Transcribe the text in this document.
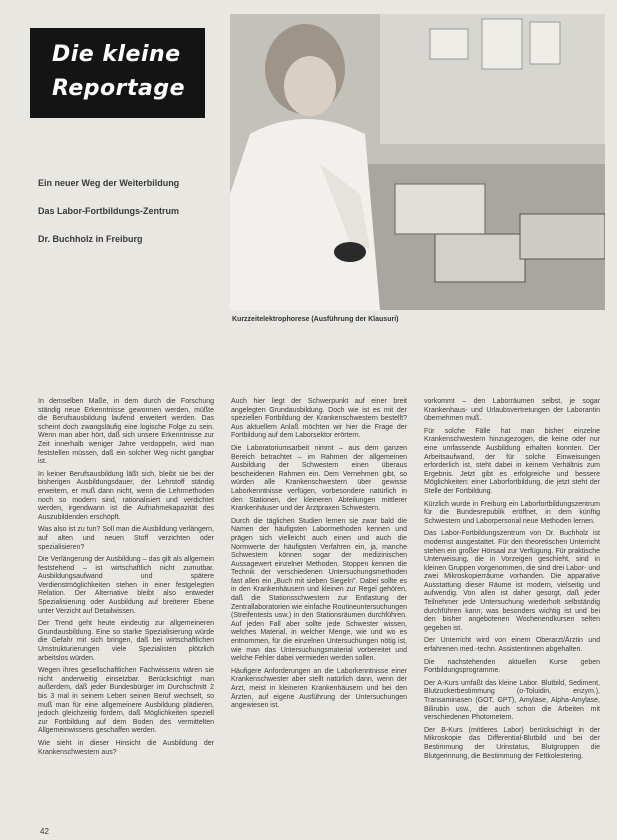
Die kleine
Reportage
Ein neuer Weg der Weiterbildung
Das Labor-Fortbildungs-Zentrum
Dr. Buchholz in Freiburg
Kurzzeitelektrophorese (Ausführung der Klausuri)

In demselben Maße, in dem durch die Forschung ständig neue Erkenntnisse gewonnen werden, müßte die Berufsausbildung laufend erweitert werden. Das scheint doch zwangsläufig eine logische Folge zu sein. Wenn man aber hört, daß sich unsere Erkenntnisse zur Zeit innerhalb weniger Jahre verdoppeln, wird man feststellen müssen, daß ein solcher Weg nicht gangbar ist.

In keiner Berufsausbildung läßt sich, bleibt sie bei der bisherigen Ausbildungsdauer, der Lehrstoff ständig erweitern, er muß dann nicht, wenn die Lehrmethoden noch so modern sind, rationalisiert und verdichtet werden, irgendwann ist die Aufnahmekapazität des Auszubildenden erschöpft.

Was also ist zu tun? Soll man die Ausbildung verlängern, auf alten und neuen Stoff verzichten oder spezialisieren?

Die Verlängerung der Ausbildung – das gilt als allgemein feststehend – ist wirtschaftlich nicht zumutbar. Ausbildungsaufwand und spätere Verdienstmöglichkeiten stehen in einer festgelegten Relation. Der Alternative bleibt also entweder Spezialisierung oder Ausbildung auf breiterer Ebene unter Verzicht auf Detailwissen.

Der Trend geht heute eindeutig zur allgemeineren Grundausbildung. Eine so starke Spezialisierung würde die Gefahr mit sich bringen, daß bei wirtschaftlichen Umstrukturierungen viele Spezialisten plötzlich arbeitslos würden.

Wegen ihres gesellschaftlichen Fachwissens wären sie nicht anderweitig einsetzbar. Berücksichtigt man außerdem, daß jeder Bundesbürger im Durchschnitt 2 bis 3 mal in seinem Leben seinen Beruf wechselt, so muß man für eine allgemeinere Ausbildung plädieren, jedoch gleichzeitig fordern, daß Möglichkeiten speziell zur Fortbildung auf dem Boden des vermittelten Allgemeinwissens geschaffen werden.

Wie sieht in dieser Hinsicht die Ausbildung der Krankenschwestern aus?

Auch hier liegt der Schwerpunkt auf einer breit angelegten Grundausbildung. Doch wie ist es mit der speziellen Fortbildung der Krankenschwestern bestellt? Aus aktuellem Anlaß möchten wir hier die Frage der Fortbildung auf dem Laborsektor erörtern.

Die Laboratoriumsarbeit nimmt – aus dem ganzen Bereich betrachtet – im Rahmen der allgemeinen Ausbildung der Schwestern einen überaus bescheidenen Rahmen ein. Dem Vernehmen gibt, so würden alle Krankenschwestern über gewisse Laborkenntnisse verfügen, vorbesondere natürlich in den Stationen, der kleineren Abteilungen mittlerer Krankenhäuser und der Arztpraxen Schwestern.

Durch die täglichen Studien lernen sie zwar bald die Namen der häufigsten Labormethoden kennen und prägen sich vielleicht auch einen und auch die Normwerte der häufigsten Verfahren ein, ja, manche Schwestern können sogar der medizinischen Aussagewert einzelner Methoden. Stoppen kennen die Technik der verschiedenen Untersuchungsmethoden fast allen ein „Buch mit sieben Siegeln". Dabei sollte es in den Krankenhäusern und kleinen zur Regel gehören, daß die Stationsschwestern zur Entlastung der Zentrallaboratorien wie einfache Routineuntersuchungen (Streifentests usw.) in den Stationsräumen durchführen. Auf jeden Fall aber sollte jede Schwester wissen, welches Material, in welcher Menge, wie und wo es entnommen, für die einzelnen Untersuchungen nötig ist, wie man das Untersuchungsmaterial vorbereitet und welche Fehler dabei vermieden werden sollen.

Häufigere Anforderungen an die Laborkenntnisse einer Krankenschwester aber stellt natürlich dann, wenn der Arzt, meist in kleineren Krankenhäusern und bei den Ärzten, auf eigene Ausführung der Untersuchungen angewiesen ist.

vorkommt – den Laborräumen selbst, je sogar Krankenhaus- und Urlaubsvertretungen der Laborantin übernehmen muß.

Für solche Fälle hat man bisher einzelne Krankenschwestern hinzugezogen, die keine oder nur eine umfassende Ausbildung erhalten konnten. Der Arbeitsaufwand, der für solche Einweisungen erforderlich ist, steht dabei in keinem Verhältnis zum Ergebnis. Jetzt gibt es erfolgreiche und bessere Möglichkeiten: einer Laborfortbildung, die jetzt steht der Stelle der Fortbildung.

Kürzlich wurde in Freiburg ein Laborfortbildungszentrum für die Bundesrepublik eröffnet, in dem künftig Schwestern und Laborpersonal neue Methoden lernen.

Das Labor-Fortbildungszentrum von Dr. Buchholz ist modernst ausgestattet. Für den theoretischen Unterricht stehen ein großer Hörsaal zur Verfügung. Für praktische Unterweisung, die in Vorzeigen geschieht, sind in kleinen Gruppen vorgenommen, die sind drei Labor- und zwei Mikroskopierräume vorhanden. Die apparative Ausstattung dieser Räume ist modern, vielseitig und aufwendig. Von allen ist daher gesorgt, daß jeder Teilnehmer jede Untersuchung wiederholt selbständig durchführen kann; was besonders wichtig ist und bei den bisher angebotenen Wochenendkursen selten gegeben ist.

Der Unterricht wird von einem Oberarzt/Ärztin und erfahrenen med.-techn. Assistentinnen abgehalten.

Die nachstehenden aktuellen Kurse geben Fortbildungsprogramme.

Der A-Kurs umfaßt das kleine Labor. Blutbild, Sediment, Blutzuckerbestimmung (o-Toluidin, enzym.), Transaminasen (GOT, GPT), Amylase, Alpha-Amylase, Bilirubin usw., die auch schon die Arbeiten mit verschiedenen Photometern.

Der B-Kurs (mittleres Labor) berücksichtigt in der Mikroskopie das Differential-Blutbild und bei der Bestimmung der Urinstatus, Blutgruppen die Blutgerinnung, die Bestimmung der Fettkolestering.

42
